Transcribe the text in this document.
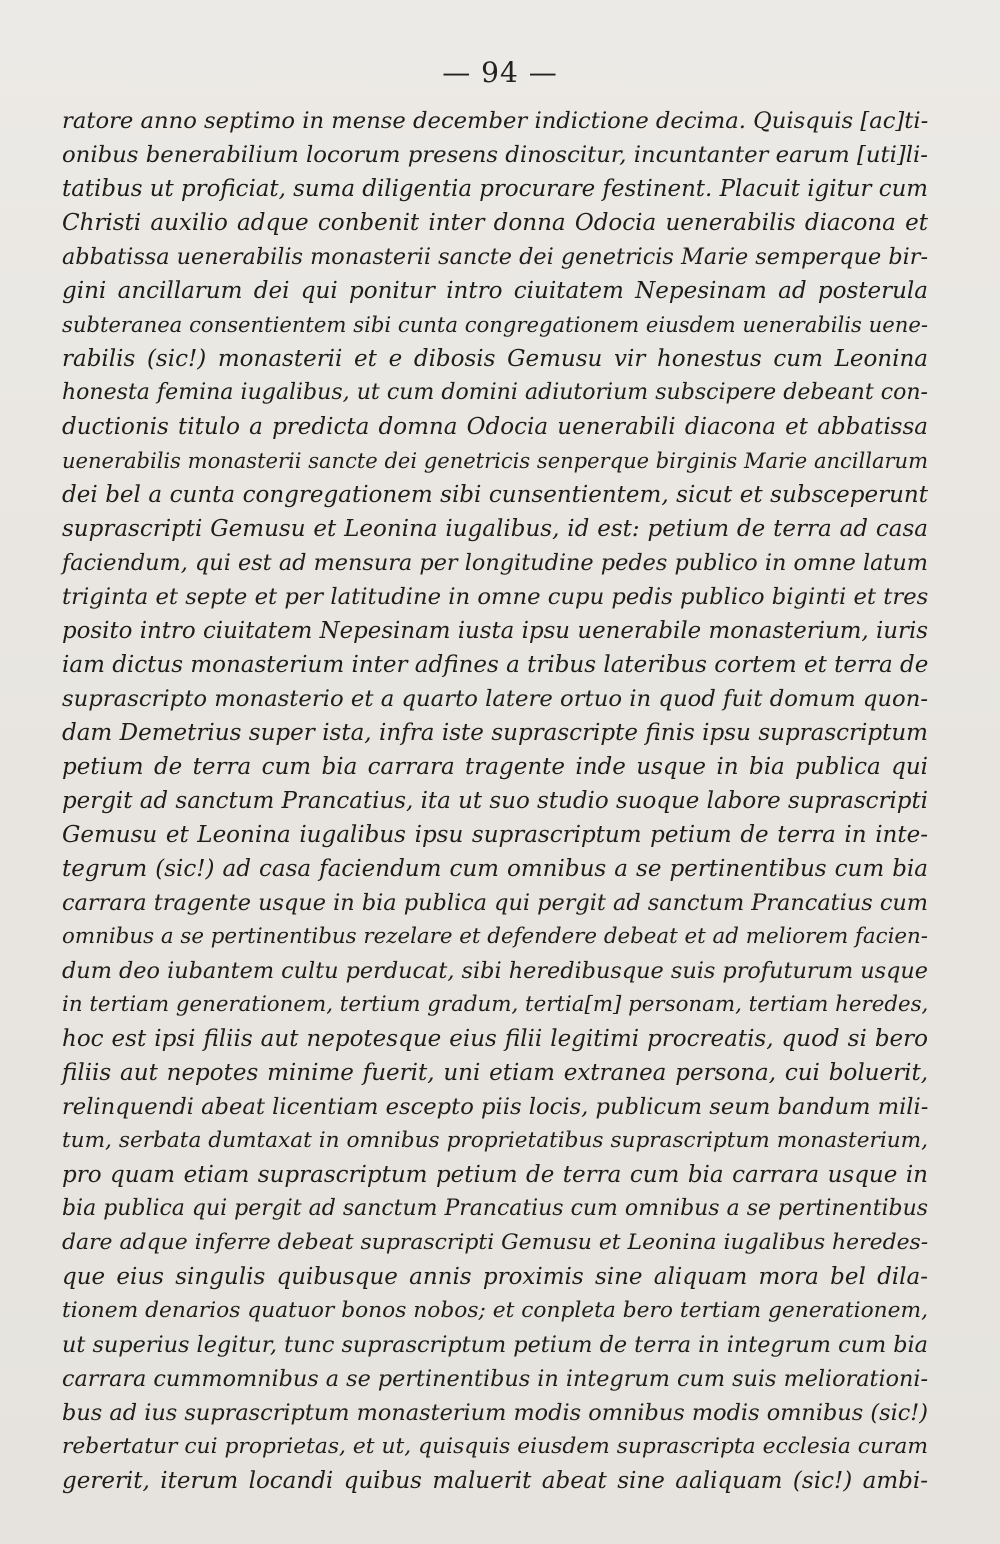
— 94 —
ratore anno septimo in mense december indictione decima. Quisquis [ac]ti-
onibus benerabilium locorum presens dinoscitur, incuntanter earum [uti]li-
tatibus ut proficiat, suma diligentia procurare festinent. Placuit igitur cum
Christi auxilio adque conbenit inter donna Odocia uenerabilis diacona et
abbatissa uenerabilis monasterii sancte dei genetricis Marie semperque bir-
gini ancillarum dei qui ponitur intro ciuitatem Nepesinam ad posterula
subteranea consentientem sibi cunta congregationem eiusdem uenerabilis uene-
rabilis (sic!) monasterii et e dibosis Gemusu vir honestus cum Leonina
honesta femina iugalibus, ut cum domini adiutorium subscipere debeant con-
ductionis titulo a predicta domna Odocia uenerabili diacona et abbatissa
uenerabilis monasterii sancte dei genetricis senperque birginis Marie ancillarum
dei bel a cunta congregationem sibi cunsentientem, sicut et subsceperunt
suprascripti Gemusu et Leonina iugalibus, id est: petium de terra ad casa
faciendum, qui est ad mensura per longitudine pedes publico in omne latum
triginta et septe et per latitudine in omne cupu pedis publico biginti et tres
posito intro ciuitatem Nepesinam iusta ipsu uenerabile monasterium, iuris
iam dictus monasterium inter adfines a tribus lateribus cortem et terra de
suprascripto monasterio et a quarto latere ortuo in quod fuit domum quon-
dam Demetrius super ista, infra iste suprascripte finis ipsu suprascriptum
petium de terra cum bia carrara tragente inde usque in bia publica qui
pergit ad sanctum Prancatius, ita ut suo studio suoque labore suprascripti
Gemusu et Leonina iugalibus ipsu suprascriptum petium de terra in inte-
tegrum (sic!) ad casa faciendum cum omnibus a se pertinentibus cum bia
carrara tragente usque in bia publica qui pergit ad sanctum Prancatius cum
omnibus a se pertinentibus rezelare et defendere debeat et ad meliorem facien-
dum deo iubantem cultu perducat, sibi heredibusque suis profuturum usque
in tertiam generationem, tertium gradum, tertia[m] personam, tertiam heredes,
hoc est ipsi filiis aut nepotesque eius filii legitimi procreatis, quod si bero
filiis aut nepotes minime fuerit, uni etiam extranea persona, cui boluerit,
relinquendi abeat licentiam escepto piis locis, publicum seum bandum mili-
tum, serbata dumtaxat in omnibus proprietatibus suprascriptum monasterium,
pro quam etiam suprascriptum petium de terra cum bia carrara usque in
bia publica qui pergit ad sanctum Prancatius cum omnibus a se pertinentibus
dare adque inferre debeat suprascripti Gemusu et Leonina iugalibus heredes-
que eius singulis quibusque annis proximis sine aliquam mora bel dila-
tionem denarios quatuor bonos nobos; et conpleta bero tertiam generationem,
ut superius legitur, tunc suprascriptum petium de terra in integrum cum bia
carrara cummomnibus a se pertinentibus in integrum cum suis meliorationi-
bus ad ius suprascriptum monasterium modis omnibus modis omnibus (sic!)
rebertatur cui proprietas, et ut, quisquis eiusdem suprascripta ecclesia curam
gererit, iterum locandi quibus maluerit abeat sine aaliquam (sic!) ambi-
